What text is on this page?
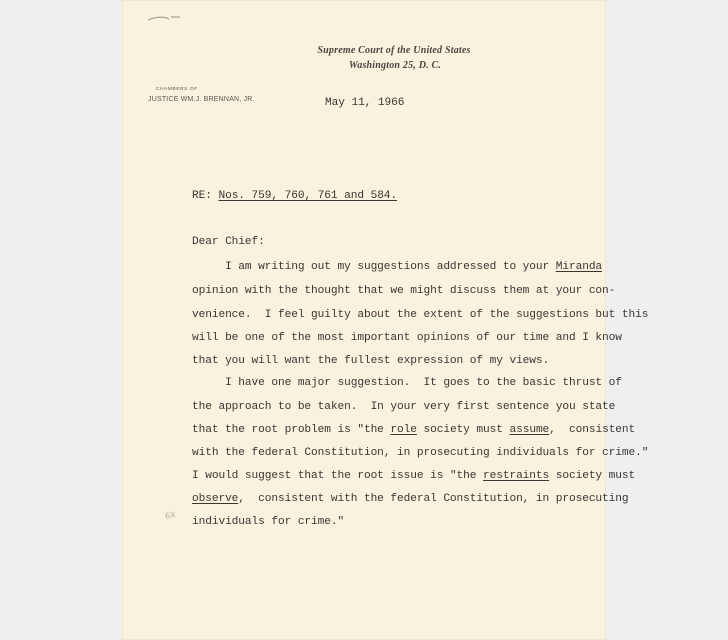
Supreme Court of the United States
Washington 25, D. C.
CHAMBERS OF
JUSTICE WM.J. BRENNAN, JR.	May 11, 1966
RE: Nos. 759, 760, 761 and 584.
Dear Chief:
I am writing out my suggestions addressed to your Miranda
opinion with the thought that we might discuss them at your con-
venience.  I feel guilty about the extent of the suggestions but this
will be one of the most important opinions of our time and I know
that you will want the fullest expression of my views.
I have one major suggestion.  It goes to the basic thrust of
the approach to be taken.  In your very first sentence you state
that the root problem is "the role society must assume,  consistent
with the federal Constitution, in prosecuting individuals for crime."
I would suggest that the root issue is "the restraints society must
observe,  consistent with the federal Constitution, in prosecuting
individuals for crime."
6X
